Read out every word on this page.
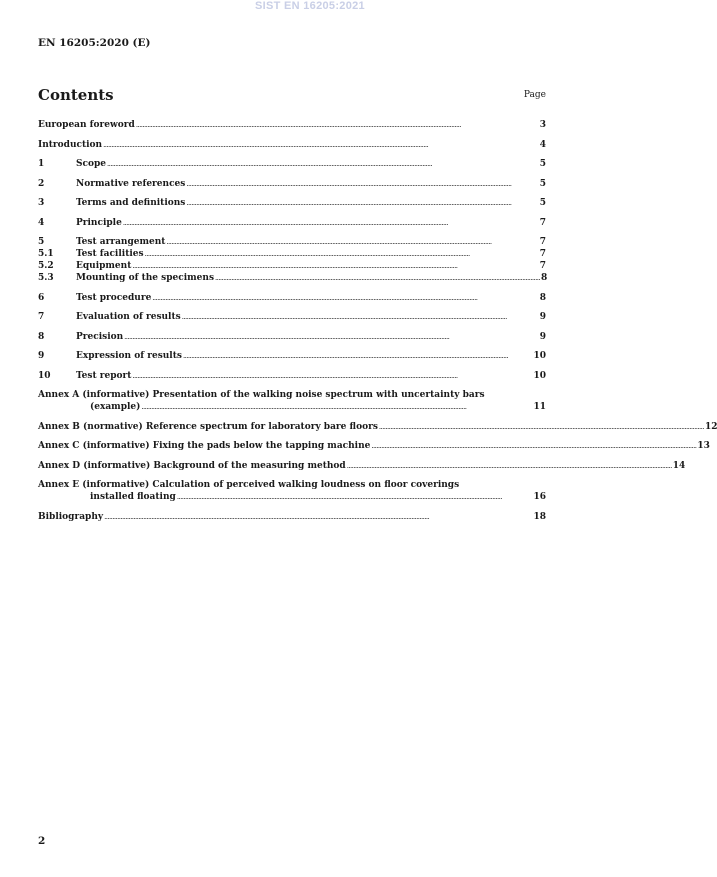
SIST EN 16205:2021
EN 16205:2020 (E)
Contents	Page
European foreword ........................................................................................................................................................................................................	3
Introduction ........................................................................................................................................................................................................	4
1	Scope ........................................................................................................................................................................................................	5
2	Normative references ........................................................................................................................................................................................................	5
3	Terms and definitions ........................................................................................................................................................................................................	5
4	Principle ........................................................................................................................................................................................................	7
5	Test arrangement ........................................................................................................................................................................................................	7
5.1	Test facilities ........................................................................................................................................................................................................	7
5.2	Equipment ........................................................................................................................................................................................................	7
5.3	Mounting of the specimens ........................................................................................................................................................................................................ 8
6	Test procedure ........................................................................................................................................................................................................	8
7	Evaluation of results ........................................................................................................................................................................................................	9
8	Precision ........................................................................................................................................................................................................	9
9	Expression of results ........................................................................................................................................................................................................	10
10	Test report ........................................................................................................................................................................................................	10
Annex A (informative) Presentation of the walking noise spectrum with uncertainty bars
(example) ........................................................................................................................................................................................................	11
Annex B (normative) Reference spectrum for laboratory bare floors ........................................................................................................................................................................................................ 12
Annex C (informative) Fixing the pads below the tapping machine ........................................................................................................................................................................................................ 13
Annex D (informative) Background of the measuring method ........................................................................................................................................................................................................ 14
Annex E (informative) Calculation of perceived walking loudness on floor coverings
installed floating ........................................................................................................................................................................................................	16
Bibliography ........................................................................................................................................................................................................	18
2
